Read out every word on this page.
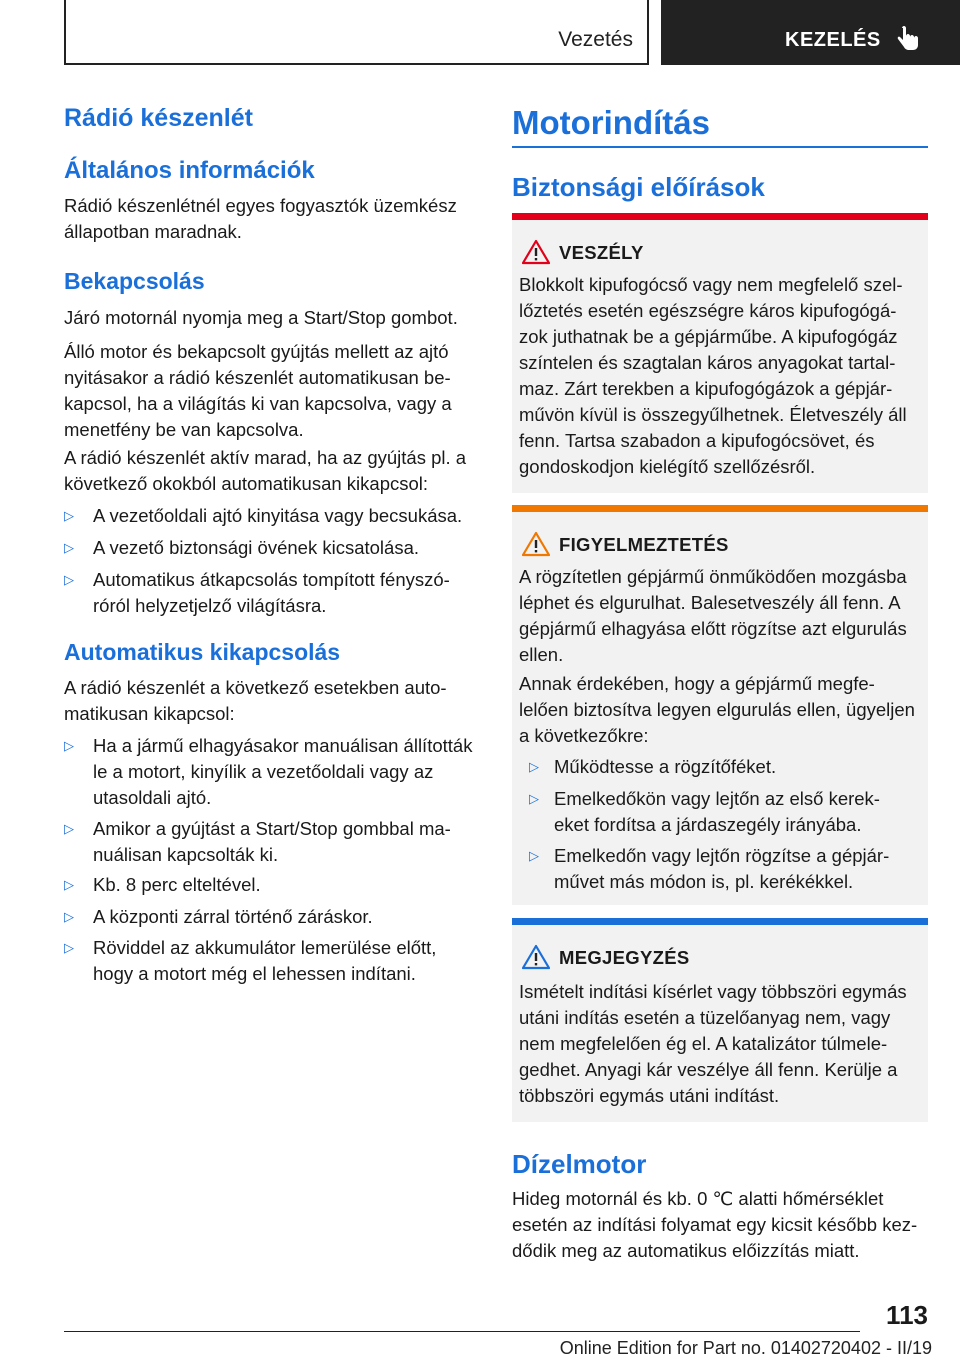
Vezetés	KEZELÉS
Rádió készenlét
Általános információk
Rádió készenlétnél egyes fogyasztók üzemkész
állapotban maradnak.
Bekapcsolás
Járó motornál nyomja meg a Start/Stop gombot.
Álló motor és bekapcsolt gyújtás mellett az ajtó
nyitásakor a rádió készenlét automatikusan be‐
kapcsol, ha a világítás ki van kapcsolva, vagy a
menetfény be van kapcsolva.
A rádió készenlét aktív marad, ha az gyújtás pl. a
következő okokból automatikusan kikapcsol:
▷ A vezetőoldali ajtó kinyitása vagy becsukása.
▷ A vezető biztonsági övének kicsatolása.
▷ Automatikus átkapcsolás tompított fényszó‐
róról helyzetjelző világításra.
Automatikus kikapcsolás
A rádió készenlét a következő esetekben auto‐
matikusan kikapcsol:
▷ Ha a jármű elhagyásakor manuálisan állították
le a motort, kinyílik a vezetőoldali vagy az
utasoldali ajtó.
▷ Amikor a gyújtást a Start/Stop gombbal ma‐
nuálisan kapcsolták ki.
▷ Kb. 8 perc elteltével.
▷ A központi zárral történő záráskor.
▷ Röviddel az akkumulátor lemerülése előtt,
hogy a motort még el lehessen indítani.
Motorindítás
Biztonsági előírások
VESZÉLY
Blokkolt kipufogócső vagy nem megfelelő szel‐
lőztetés esetén egészségre káros kipufogógá‐
zok juthatnak be a gépjárműbe. A kipufogógáz
színtelen és szagtalan káros anyagokat tartal‐
maz. Zárt terekben a kipufogógázok a gépjár‐
művön kívül is összegyűlhetnek. Életveszély áll
fenn. Tartsa szabadon a kipufogócsövet, és
gondoskodjon kielégítő szellőzésről.
FIGYELMEZTETÉS
A rögzítetlen gépjármű önműködően mozgásba
léphet és elgurulhat. Balesetveszély áll fenn. A
gépjármű elhagyása előtt rögzítse azt elgurulás
ellen.
Annak érdekében, hogy a gépjármű megfe‐
lelően biztosítva legyen elgurulás ellen, ügyeljen
a következőkre:
▷ Működtesse a rögzítőféket.
▷ Emelkedőkön vagy lejtőn az első kerek‐
eket fordítsa a járdaszegély irányába.
▷ Emelkedőn vagy lejtőn rögzítse a gépjár‐
művet más módon is, pl. kerékékkel.
MEGJEGYZÉS
Ismételt indítási kísérlet vagy többszöri egymás
utáni indítás esetén a tüzelőanyag nem, vagy
nem megfelelően ég el. A katalizátor túlmele‐
gedhet. Anyagi kár veszélye áll fenn. Kerülje a
többszöri egymás utáni indítást.
Dízelmotor
Hideg motornál és kb. 0 ℃ alatti hőmérséklet
esetén az indítási folyamat egy kicsit később kez‐
dődik meg az automatikus előizzítás miatt.
113
Online Edition for Part no. 01402720402 - II/19
